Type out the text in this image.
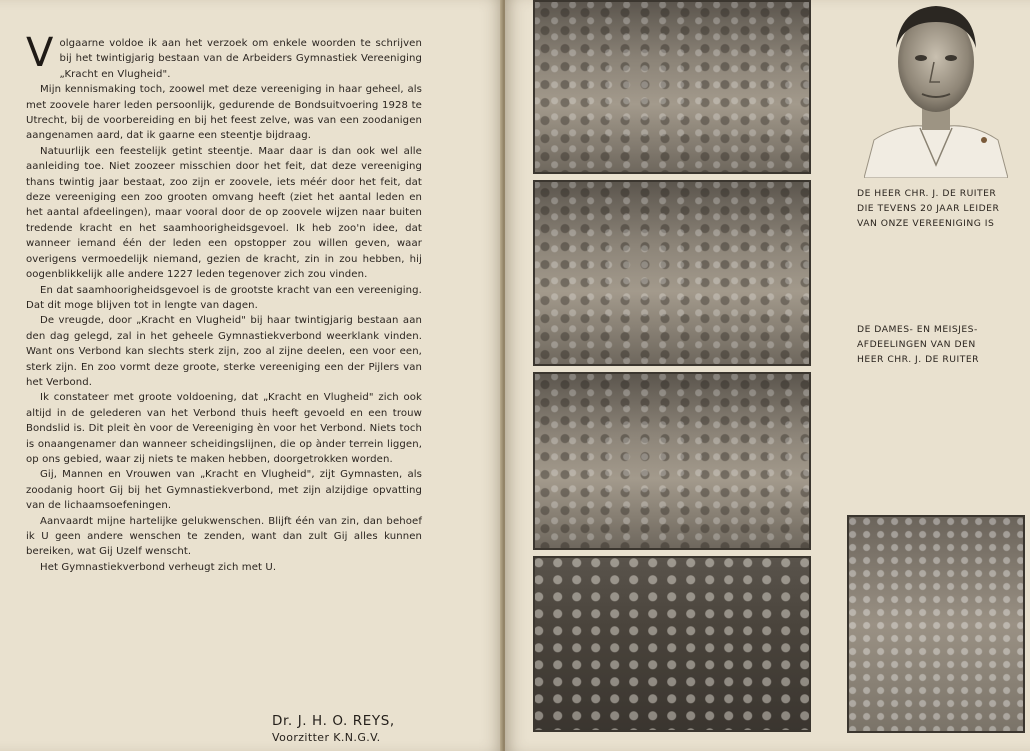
Volgaarne voldoe ik aan het verzoek om enkele woorden te schrijven bij het twintigjarig bestaan van de Arbeiders Gymnastiek Vereeniging „Kracht en Vlugheid".

Mijn kennismaking toch, zoowel met deze vereeniging in haar geheel, als met zoovele harer leden persoonlijk, gedurende de Bondsuitvoering 1928 te Utrecht, bij de voorbereiding en bij het feest zelve, was van een zoodanigen aangenamen aard, dat ik gaarne een steentje bijdraag.

Natuurlijk een feestelijk getint steentje. Maar daar is dan ook wel alle aanleiding toe. Niet zoozeer misschien door het feit, dat deze vereeniging thans twintig jaar bestaat, zoo zijn er zoovele, iets méér door het feit, dat deze vereeniging een zoo grooten omvang heeft (ziet het aantal leden en het aantal afdeelingen), maar vooral door de op zoovele wijzen naar buiten tredende kracht en het saamhoorigheidsgevoel. Ik heb zoo'n idee, dat wanneer iemand één der leden een opstopper zou willen geven, waar overigens vermoedelijk niemand, gezien de kracht, zin in zou hebben, hij oogenblikkelijk alle andere 1227 leden tegenover zich zou vinden.

En dat saamhoorigheidsgevoel is de grootste kracht van een vereeniging. Dat dit moge blijven tot in lengte van dagen.

De vreugde, door „Kracht en Vlugheid" bij haar twintigjarig bestaan aan den dag gelegd, zal in het geheele Gymnastiekverbond weerklank vinden. Want ons Verbond kan slechts sterk zijn, zoo al zijne deelen, een voor een, sterk zijn. En zoo vormt deze groote, sterke vereeniging een der Pijlers van het Verbond.

Ik constateer met groote voldoening, dat „Kracht en Vlugheid" zich ook altijd in de gelederen van het Verbond thuis heeft gevoeld en een trouw Bondslid is. Dit pleit èn voor de Vereeniging èn voor het Verbond. Niets toch is onaangenamer dan wanneer scheidingslijnen, die op ànder terrein liggen, op ons gebied, waar zij niets te maken hebben, doorgetrokken worden.

Gij, Mannen en Vrouwen van „Kracht en Vlugheid", zijt Gymnasten, als zoodanig hoort Gij bij het Gymnastiekverbond, met zijn alzijdige opvatting van de lichaamsoefeningen.

Aanvaardt mijne hartelijke gelukwenschen. Blijft één van zin, dan behoef ik U geen andere wenschen te zenden, want dan zult Gij alles kunnen bereiken, wat Gij Uzelf wenscht.

Het Gymnastiekverbond verheugt zich met U.

Dr. J. H. O. REYS,
Voorzitter K.N.G.V.
DE HEER CHR. J. DE RUITER
DIE TEVENS 20 JAAR LEIDER
VAN ONZE VEREENIGING IS
DE DAMES- EN MEISJES-
AFDEELINGEN VAN DEN
HEER CHR. J. DE RUITER
